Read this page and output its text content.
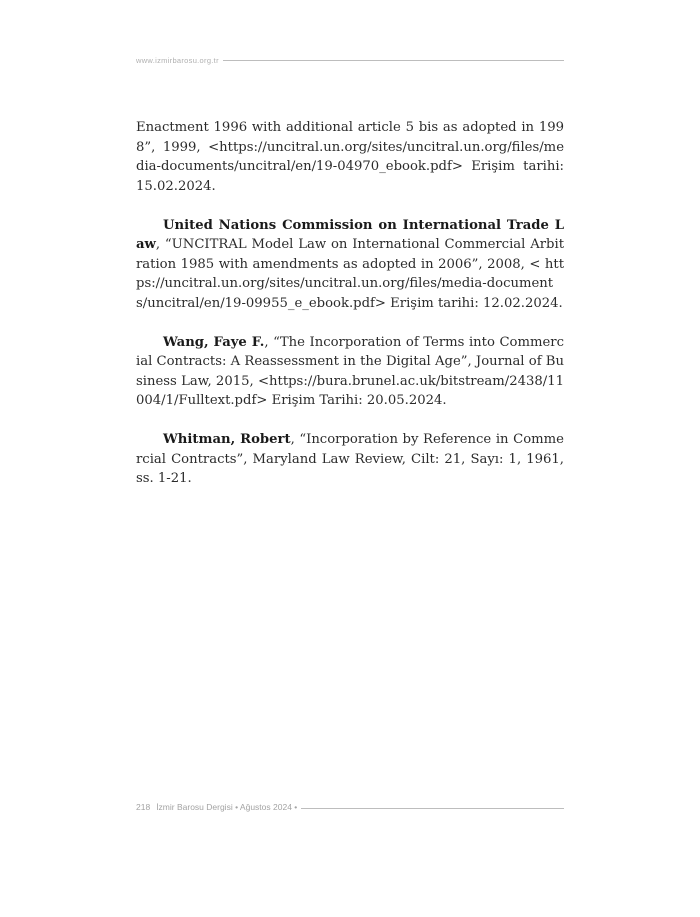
www.izmirbarosu.org.tr

Enactment 1996 with additional article 5 bis as adopted in 1998”, 1999, <https://uncitral.un.org/sites/uncitral.un.org/files/media-documents/uncitral/en/19-04970_ebook.pdf> Erişim tarihi: 15.02.2024.

United Nations Commission on International Trade Law, “UNCITRAL Model Law on International Commercial Arbitration 1985 with amendments as adopted in 2006”, 2008, < https://uncitral.un.org/sites/uncitral.un.org/files/media-documents/uncitral/en/19-09955_e_ebook.pdf> Erişim tarihi: 12.02.2024.

Wang, Faye F., “The Incorporation of Terms into Commercial Contracts: A Reassessment in the Digital Age”, Journal of Business Law, 2015, <https://bura.brunel.ac.uk/bitstream/2438/11004/1/Fulltext.pdf> Erişim Tarihi: 20.05.2024.

Whitman, Robert, “Incorporation by Reference in Commercial Contracts”, Maryland Law Review, Cilt: 21, Sayı: 1, 1961, ss. 1-21.

218 İzmir Barosu Dergisi • Ağustos 2024 •
